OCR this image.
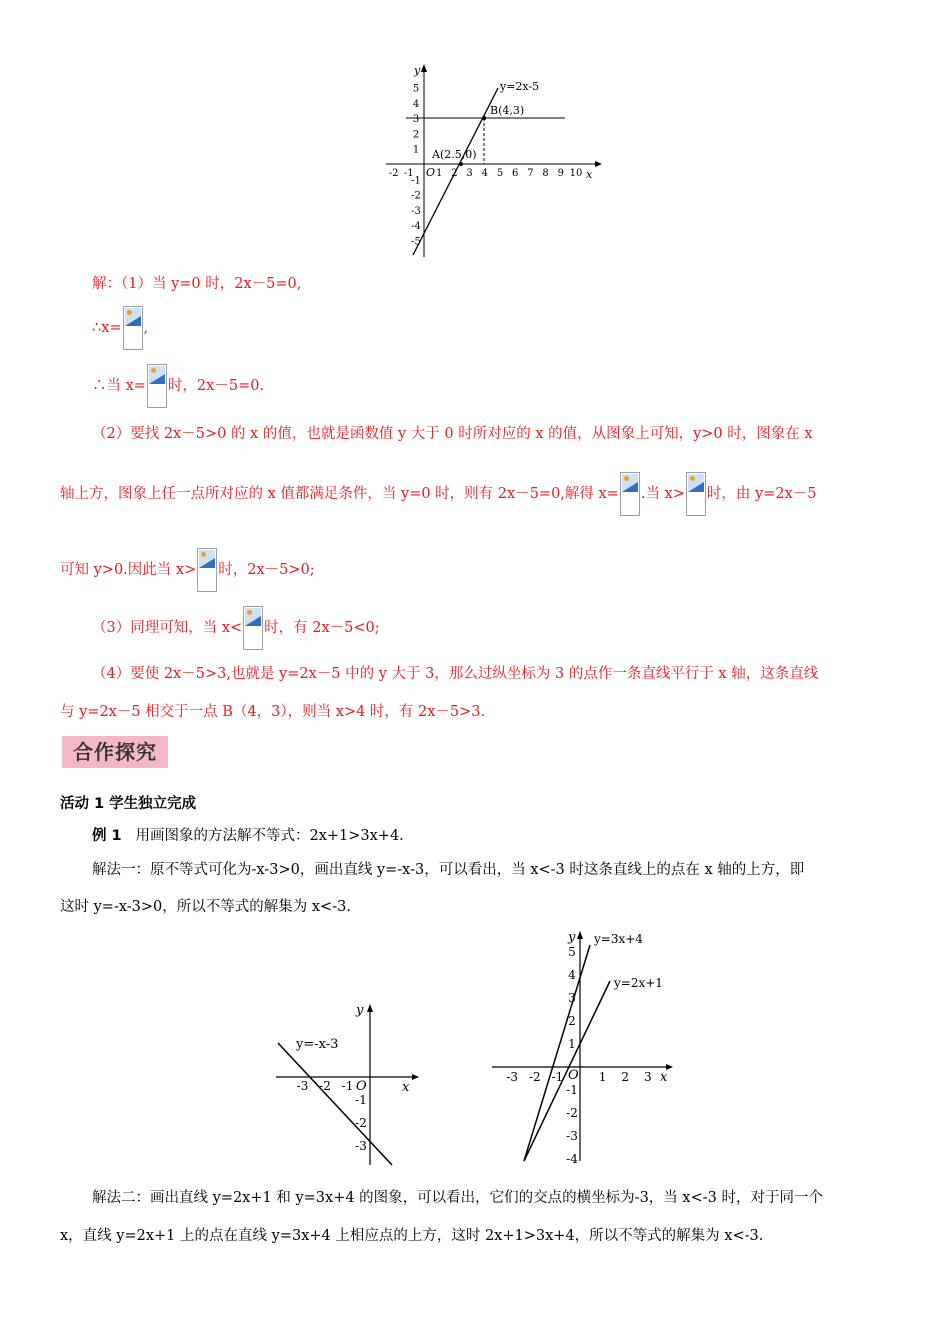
y
x
y=2x-5
B(4,3)
A(2.5,0)
O
-2 -1 1 2 3 4 5 6 7 8 9 10
5
4
3
2
1
-1
-2
-3
-4
-5
解：（1）当 y=0 时，2x－5=0,
∴x= ,
∴当 x= 时，2x－5=0.
（2）要找 2x－5>0 的 x 的值，也就是函数值 y 大于 0 时所对应的 x 的值，从图象上可知，y>0 时，图象在 x
轴上方，图象上任一点所对应的 x 值都满足条件，当 y=0 时，则有 2x－5=0,解得 x= .当 x> 时，由 y=2x－5
可知 y>0.因此当 x> 时，2x－5>0;
（3）同理可知，当 x< 时，有 2x－5<0;
（4）要使 2x－5>3,也就是 y=2x－5 中的 y 大于 3，那么过纵坐标为 3 的点作一条直线平行于 x 轴，这条直线
与 y=2x－5 相交于一点 B（4，3），则当 x>4 时，有 2x－5>3.
合作探究
活动 1 学生独立完成
例 1 用画图象的方法解不等式：2x+1>3x+4.
解法一：原不等式可化为-x-3>0，画出直线 y=-x-3，可以看出，当 x<-3 时这条直线上的点在 x 轴的上方，即
这时 y=-x-3>0，所以不等式的解集为 x<-3.
y
x
y=-x-3
O
-3 -2 -1
-1
-2
-3
y
x
y=3x+4
y=2x+1
O
-3 -2 -1	1 2 3
5
4
3
2
1
-1
-2
-3
-4
解法二：画出直线 y=2x+1 和 y=3x+4 的图象，可以看出，它们的交点的横坐标为-3，当 x<-3 时，对于同一个
x，直线 y=2x+1 上的点在直线 y=3x+4 上相应点的上方，这时 2x+1>3x+4，所以不等式的解集为 x<-3.
